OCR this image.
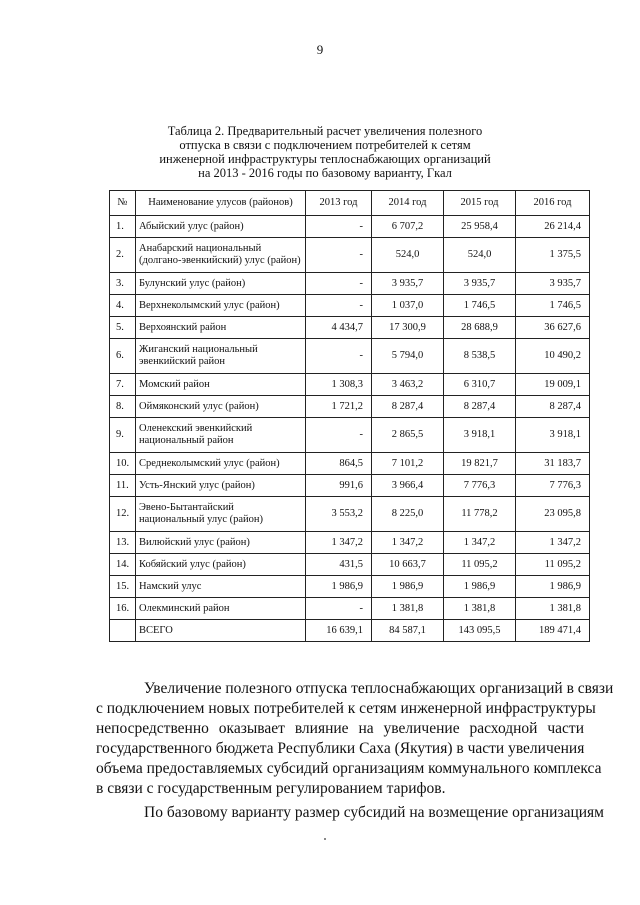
9
Таблица 2. Предварительный расчет увеличения полезного
отпуска в связи с подключением потребителей к сетям
инженерной инфраструктуры теплоснабжающих организаций
на 2013 - 2016 годы по базовому варианту, Гкал
№	Наименование улусов (районов)	2013 год	2014 год	2015 год	2016 год
1.	Абыйский улус (район)	-	6 707,2	25 958,4	26 214,4
2.	Анабарский национальный (долгано-эвенкийский) улус (район)	-	524,0	524,0	1 375,5
3.	Булунский улус (район)	-	3 935,7	3 935,7	3 935,7
4.	Верхнеколымский улус (район)	-	1 037,0	1 746,5	1 746,5
5.	Верхоянский район	4 434,7	17 300,9	28 688,9	36 627,6
6.	Жиганский национальный эвенкийский район	-	5 794,0	8 538,5	10 490,2
7.	Момский район	1 308,3	3 463,2	6 310,7	19 009,1
8.	Оймяконский улус (район)	1 721,2	8 287,4	8 287,4	8 287,4
9.	Оленекский эвенкийский национальный район	-	2 865,5	3 918,1	3 918,1
10.	Среднеколымский улус (район)	864,5	7 101,2	19 821,7	31 183,7
11.	Усть-Янский улус (район)	991,6	3 966,4	7 776,3	7 776,3
12.	Эвено-Бытантайский национальный улус (район)	3 553,2	8 225,0	11 778,2	23 095,8
13.	Вилюйский улус (район)	1 347,2	1 347,2	1 347,2	1 347,2
14.	Кобяйский улус (район)	431,5	10 663,7	11 095,2	11 095,2
15.	Намский улус	1 986,9	1 986,9	1 986,9	1 986,9
16.	Олекминский район	-	1 381,8	1 381,8	1 381,8
	ВСЕГО	16 639,1	84 587,1	143 095,5	189 471,4

Увеличение полезного отпуска теплоснабжающих организаций в связи
с подключением новых потребителей к сетям инженерной инфраструктуры
непосредственно оказывает влияние на увеличение расходной части
государственного бюджета Республики Саха (Якутия) в части увеличения
объема предоставляемых субсидий организациям коммунального комплекса
в связи с государственным регулированием тарифов.

По базовому варианту размер субсидий на возмещение организациям
